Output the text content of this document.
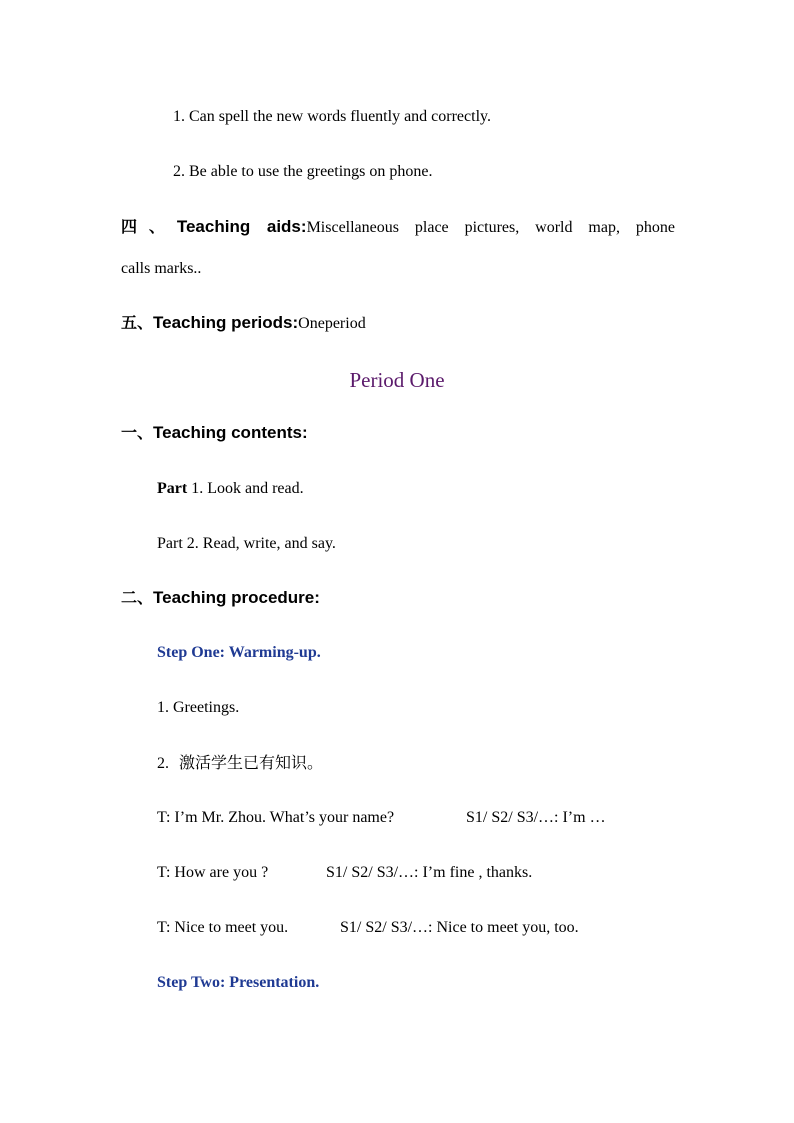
1. Can spell the new words fluently and correctly.
2. Be able to use the greetings on phone.
四、Teaching aids:Miscellaneous place pictures, world map, phone
calls marks..
五、Teaching periods:Oneperiod
Period One
一、Teaching contents:
Part 1. Look and read.
Part 2. Read, write, and say.
二、Teaching procedure:
Step One: Warming-up.
1. Greetings.
2. 激活学生已有知识。
T: I’m Mr. Zhou. What’s your name?	S1/ S2/ S3/…: I’m …
T: How are you ?	S1/ S2/ S3/…: I’m fine , thanks.
T: Nice to meet you.	S1/ S2/ S3/…: Nice to meet you, too.
Step Two: Presentation.
